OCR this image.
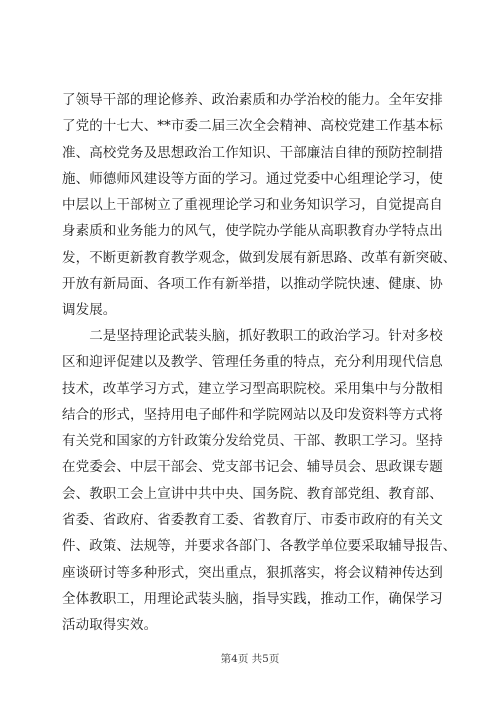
了领导干部的理论修养、政治素质和办学治校的能力。全年安排
了党的十七大、**市委二届三次全会精神、高校党建工作基本标
准、高校党务及思想政治工作知识、干部廉洁自律的预防控制措
施、师德师风建设等方面的学习。通过党委中心组理论学习，使
中层以上干部树立了重视理论学习和业务知识学习，自觉提高自
身素质和业务能力的风气，使学院办学能从高职教育办学特点出
发，不断更新教育教学观念，做到发展有新思路、改革有新突破、
开放有新局面、各项工作有新举措，以推动学院快速、健康、协
调发展。
　　二是坚持理论武装头脑，抓好教职工的政治学习。针对多校
区和迎评促建以及教学、管理任务重的特点，充分利用现代信息
技术，改革学习方式，建立学习型高职院校。采用集中与分散相
结合的形式，坚持用电子邮件和学院网站以及印发资料等方式将
有关党和国家的方针政策分发给党员、干部、教职工学习。坚持
在党委会、中层干部会、党支部书记会、辅导员会、思政课专题
会、教职工会上宣讲中共中央、国务院、教育部党组、教育部、
省委、省政府、省委教育工委、省教育厅、市委市政府的有关文
件、政策、法规等，并要求各部门、各教学单位要采取辅导报告、
座谈研讨等多种形式，突出重点，狠抓落实，将会议精神传达到
全体教职工，用理论武装头脑，指导实践，推动工作，确保学习
活动取得实效。
第4页 共5页
